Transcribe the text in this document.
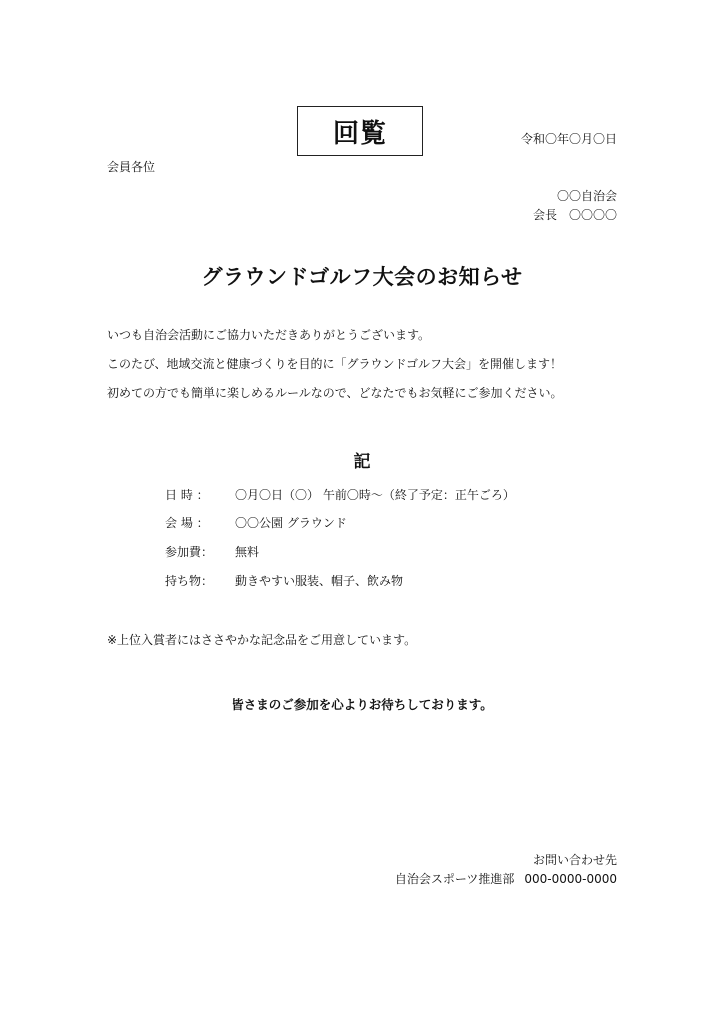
回覧	令和〇年〇月〇日
会員各位
〇〇自治会
会長 〇〇〇〇
グラウンドゴルフ大会のお知らせ
いつも自治会活動にご協力いただきありがとうございます。
このたび、地域交流と健康づくりを目的に「グラウンドゴルフ大会」を開催します！
初めての方でも簡単に楽しめるルールなので、どなたでもお気軽にご参加ください。
記
日 時 ：	〇月〇日（〇） 午前〇時～（終了予定：正午ごろ）
会 場 ：	〇〇公園 グラウンド
参加費：	無料
持ち物：	動きやすい服装、帽子、飲み物
※上位入賞者にはささやかな記念品をご用意しています。
皆さまのご参加を心よりお待ちしております。
お問い合わせ先
自治会スポーツ推進部 000-0000-0000
